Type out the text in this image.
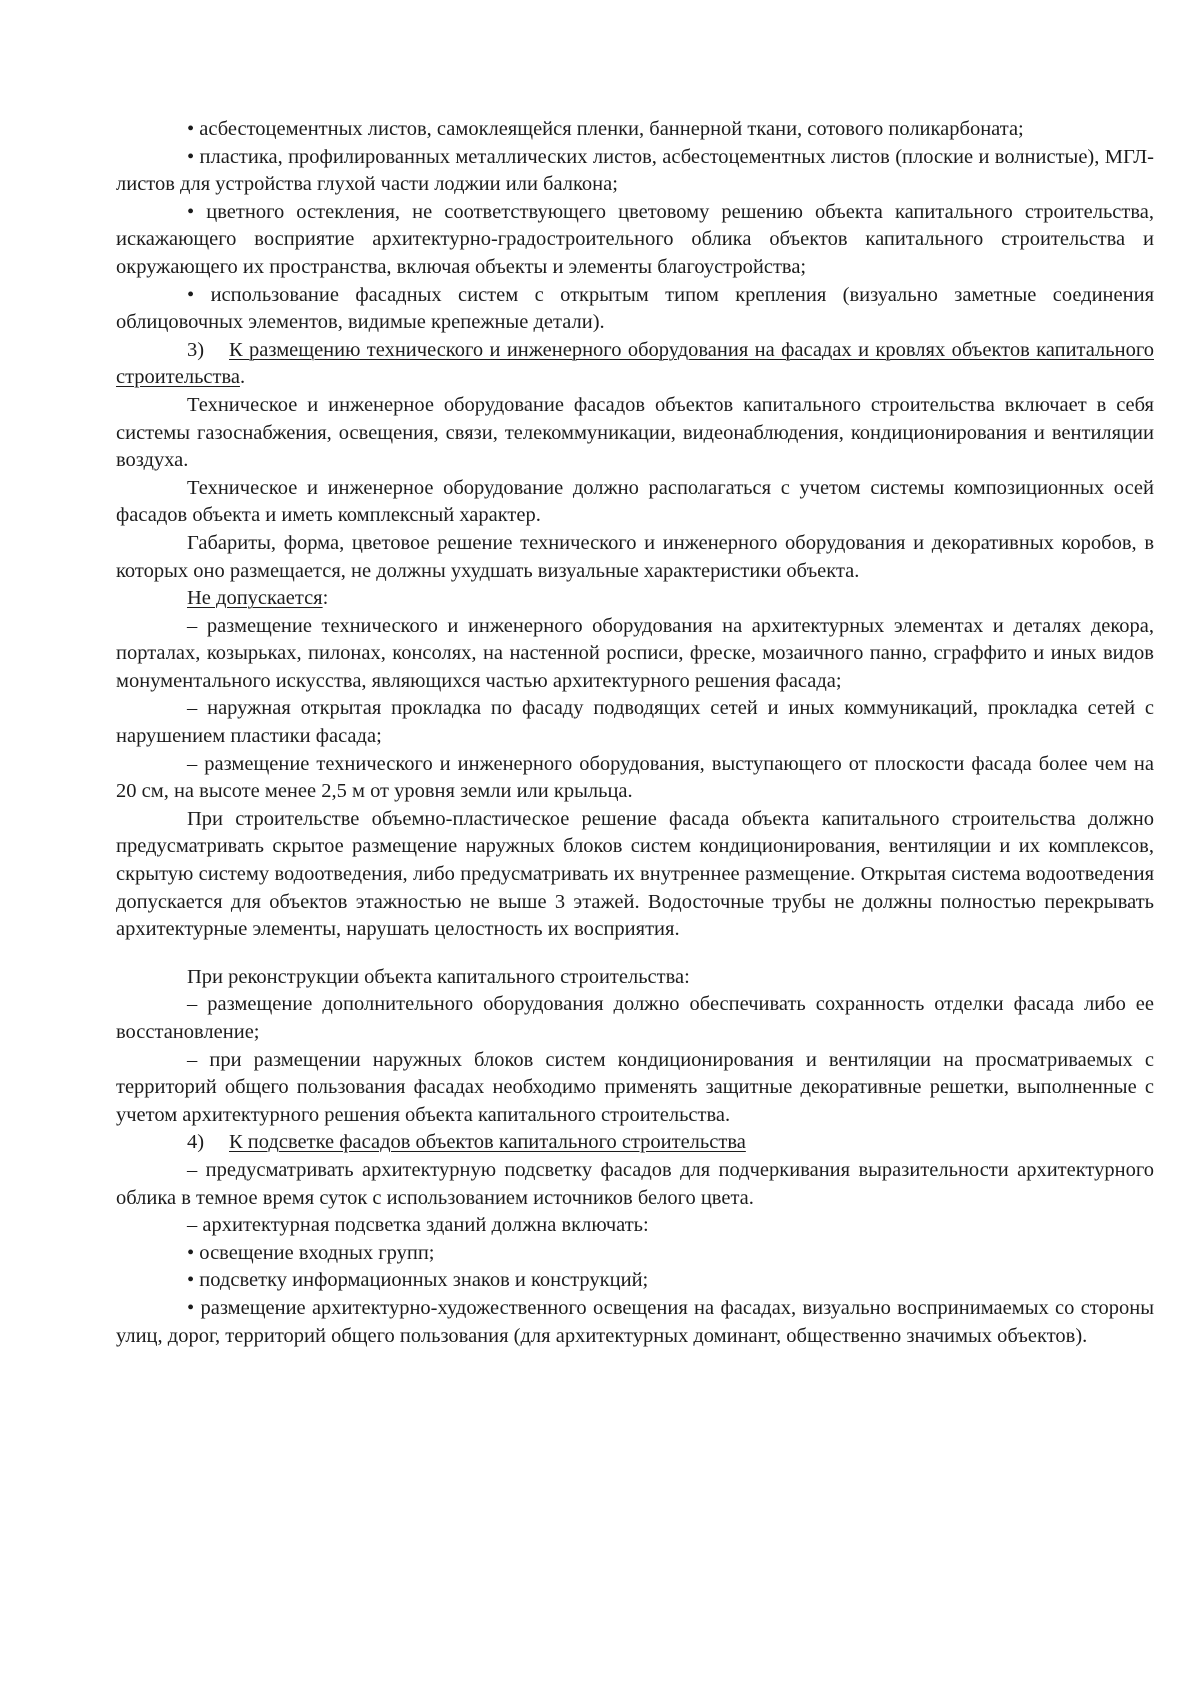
• асбестоцементных листов, самоклеящейся пленки, баннерной ткани, сотового поликарбоната;

• пластика, профилированных металлических листов, асбестоцементных листов (плоские и волнистые), МГЛ-листов для устройства глухой части лоджии или балкона;

• цветного остекления, не соответствующего цветовому решению объекта капитального строительства, искажающего восприятие архитектурно-градостроительного облика объектов капитального строительства и окружающего их пространства, включая объекты и элементы благоустройства;

• использование фасадных систем с открытым типом крепления (визуально заметные соединения облицовочных элементов, видимые крепежные детали).

3) К размещению технического и инженерного оборудования на фасадах и кровлях объектов капитального строительства.

Техническое и инженерное оборудование фасадов объектов капитального строительства включает в себя системы газоснабжения, освещения, связи, телекоммуникации, видеонаблюдения, кондиционирования и вентиляции воздуха.

Техническое и инженерное оборудование должно располагаться с учетом системы композиционных осей фасадов объекта и иметь комплексный характер.

Габариты, форма, цветовое решение технического и инженерного оборудования и декоративных коробов, в которых оно размещается, не должны ухудшать визуальные характеристики объекта.

Не допускается:

– размещение технического и инженерного оборудования на архитектурных элементах и деталях декора, порталах, козырьках, пилонах, консолях, на настенной росписи, фреске, мозаичного панно, сграффито и иных видов монументального искусства, являющихся частью архитектурного решения фасада;

– наружная открытая прокладка по фасаду подводящих сетей и иных коммуникаций, прокладка сетей с нарушением пластики фасада;

– размещение технического и инженерного оборудования, выступающего от плоскости фасада более чем на 20 см, на высоте менее 2,5 м от уровня земли или крыльца.

При строительстве объемно-пластическое решение фасада объекта капитального строительства должно предусматривать скрытое размещение наружных блоков систем кондиционирования, вентиляции и их комплексов, скрытую систему водоотведения, либо предусматривать их внутреннее размещение. Открытая система водоотведения допускается для объектов этажностью не выше 3 этажей. Водосточные трубы не должны полностью перекрывать архитектурные элементы, нарушать целостность их восприятия.

При реконструкции объекта капитального строительства:

– размещение дополнительного оборудования должно обеспечивать сохранность отделки фасада либо ее восстановление;

– при размещении наружных блоков систем кондиционирования и вентиляции на просматриваемых с территорий общего пользования фасадах необходимо применять защитные декоративные решетки, выполненные с учетом архитектурного решения объекта капитального строительства.

4) К подсветке фасадов объектов капитального строительства

– предусматривать архитектурную подсветку фасадов для подчеркивания выразительности архитектурного облика в темное время суток с использованием источников белого цвета.

– архитектурная подсветка зданий должна включать:

• освещение входных групп;

• подсветку информационных знаков и конструкций;

• размещение архитектурно-художественного освещения на фасадах, визуально воспринимаемых со стороны улиц, дорог, территорий общего пользования (для архитектурных доминант, общественно значимых объектов).
